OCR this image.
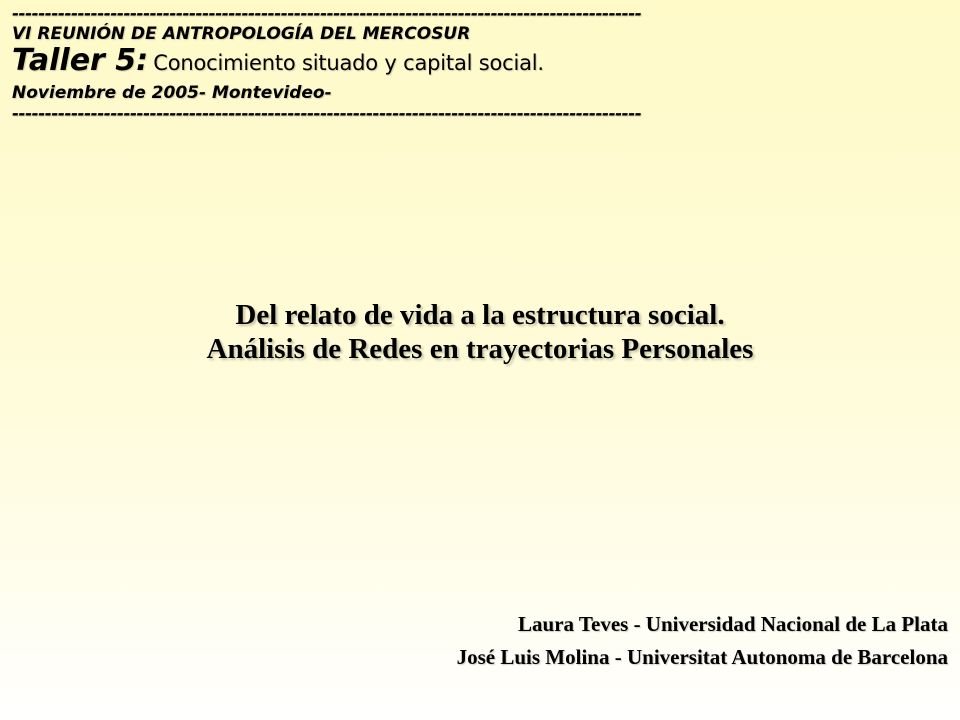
------------------------------------------------------------------------------------------------
VI REUNIÓN DE ANTROPOLOGÍA DEL MERCOSUR
Taller 5: Conocimiento situado y capital social.
Noviembre de 2005- Montevideo-
------------------------------------------------------------------------------------------------
Del relato de vida a la estructura social.
Análisis de Redes en trayectorias Personales
Laura Teves - Universidad Nacional de La Plata
José Luis Molina - Universitat Autonoma de Barcelona
